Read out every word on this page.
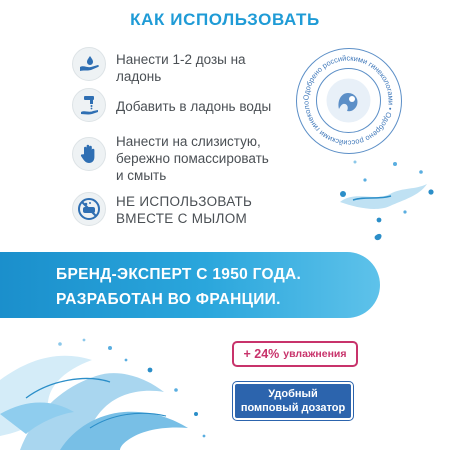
КАК ИСПОЛЬЗОВАТЬ
Нанести 1-2 дозы на
ладонь
Добавить в ладонь воды
Нанести на слизистую,
бережно помассировать
и смыть
НЕ ИСПОЛЬЗОВАТЬ
ВМЕСТЕ С МЫЛОМ
Одобрено российскими гинекологами • Одобрено российскими гинеколо
БРЕНД-ЭКСПЕРТ С 1950 ГОДА.
РАЗРАБОТАН ВО ФРАНЦИИ.
+ 24% увлажнения
Удобный
помповый дозатор
